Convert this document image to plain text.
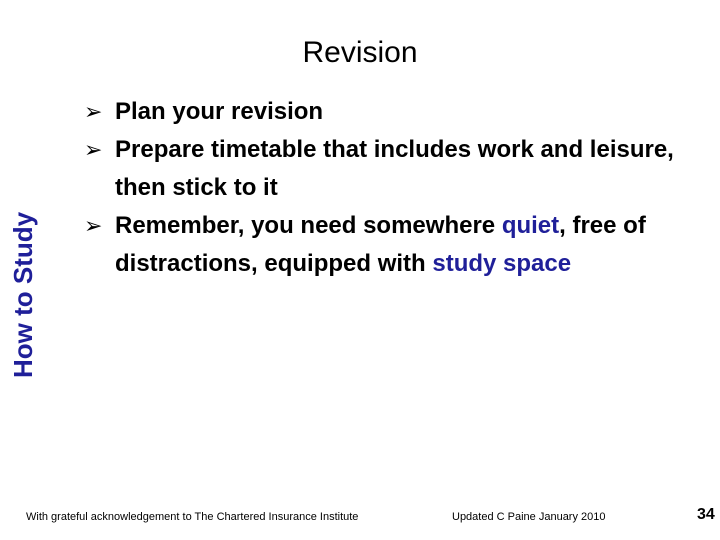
How to Study
Revision
➢ Plan your revision
➢ Prepare timetable that includes work and leisure, then stick to it
➢ Remember, you need somewhere quiet, free of distractions, equipped with study space
With grateful acknowledgement to The Chartered Insurance Institute	Updated C Paine January 2010	34
